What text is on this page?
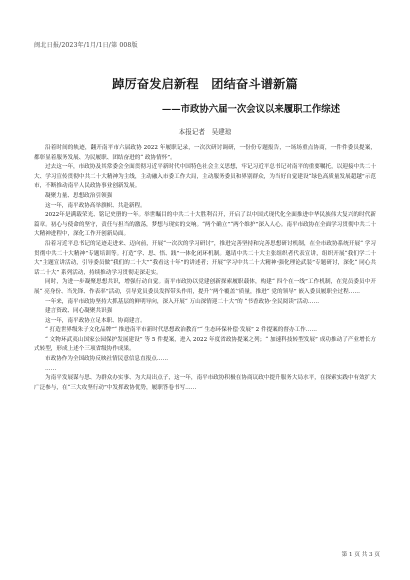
闽北日报/2023年/1月/1日/第 008版
踔厉奋发启新程　团结奋斗谱新篇
——市政协六届一次会议以来履职工作综述
本报记者　吴建琼

沿着时间的轨迹，翻开南平市六届政协 2022 年履职记录，一次次研讨调研，一份份专题报告，一场场重点协商，一件件委员提案，都彰显着服务发展、为民履职、团结奋进的“ 政协情怀”。

过去这一年，市政协及其常委会全面贯彻习近平新时代中国特色社会主义思想，牢记习近平总书记对南平的重要嘱托，以迎接中共二十大、学习宣传贯彻中共二十大精神为主线，主动融入市委工作大局，主动服务委员和界别群众，为当好自觉建设“绿色高质量发展超越”示范市，不断推动南平人民政协事业创新发展。

凝聚力量、思想政治引领强

这一年，南平政协高举旗帜、共赴新程。

2022年是满载荣光、铭记史册的一年。举世瞩目的中共二十大胜利召开，开启了以中国式现代化全面推进中华民族伟大复兴的时代新篇章。初心与使命的坚守，责任与担当的激荡，梦想与现实的交响。“两个确立”“两个维护”深入人心。南平市政协在全面学习贯彻中共二十大精神进程中，深化工作开创新局面。

沿着习近平总书记的足迹走进来、迈向前，开展“一次次的学习研讨”，推进完善坚持和完善思想研讨机制，在全市政协系统开展“ 学习贯彻中共二十大精神”专题培训等。打造“学、思、悟、践”一体化闭环机制。邀请中共二十大主张组织者代表宣讲，组织开展“我们学二十大”主题宣讲活动，引导委员做“我们的二十大”“我看这十年”的讲述者；开展“学习中共二十大精神·强化理论武装”专题研讨，深化“ 同心共话二十大” 系列活动，持续推动学习贯彻走深走实。

同时，为进一步凝聚思想共识，增强行动自觉。南平市政协以党建创新探索履职载体，构建“ 四个在一线”工作机制，在党员委员中开展“ 亮身份、当先锋、作表率”活动，引导党员委员发挥带头作用，提升‘’两个覆盖‘’质量，推进“ 党的领导” 嵌入委员履职全过程……

一年来，南平市政协坚持大抓基层的鲜明导向，深入开展“ 万山深情迎二十大”的 “书香政协·全民阅读”活动……

建言资政、同心凝聚共识强

这一年，南平政协立足本职、协商建言。

“ 打造世界级朱子文化品牌”“ 推进南平市新时代思想政治教育”“ 生态环保补偿·发展” 2 件提案的督办工作……

“ 文物环武夷山国家公园保护发展建设” 等 5 件提案，进入 2022 年度省政协提案之列；“ 加速科技转型发展” 成功推动了产业增长方式转型，形成上述个三项省级协作成果。

市政协作为全国政协反映社情民意信息直报点……

……

为南平发展谋与思、为群众办实事、为大局出点子，这一年，南平市政协积极在协商议政中提升服务大局水平，在探索实践中有效扩大广泛参与，在“三大攻坚行动”中发挥政协优势，履职答卷书写……

第 1 页 共 3 页
